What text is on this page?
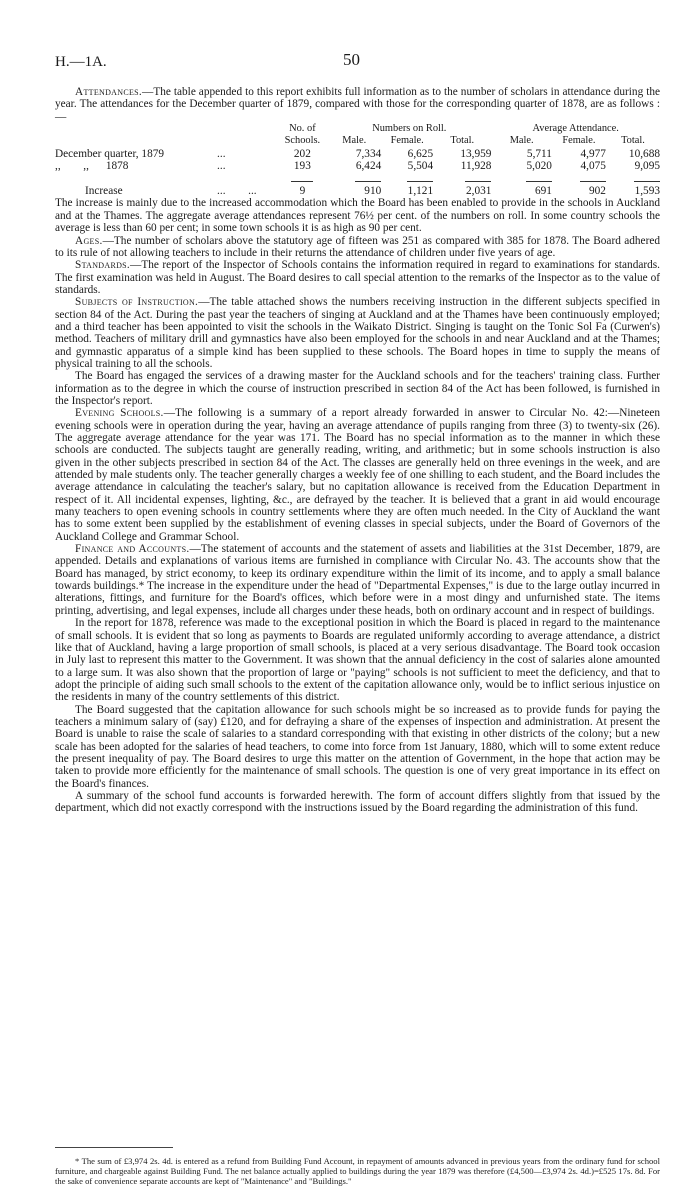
H.—1A.	50

Attendances.—The table appended to this report exhibits full information as to the number of scholars in attendance during the year. The attendances for the December quarter of 1879, compared with those for the corresponding quarter of 1878, are as follows :—

		No. of	Numbers on Roll.			Average Attendance.		
		Schools.	Male.	Female.	Total.	Male.	Female.	Total.
December quarter, 1879	...	202	7,334	6,625	13,959	5,711	4,977	10,688
,,        ,,      1878	...	193	6,424	5,504	11,928	5,020	4,075	9,095

Increase	...        ...	9	910	1,121	2,031	691	902	1,593

The increase is mainly due to the increased accommodation which the Board has been enabled to provide in the schools in Auckland and at the Thames. The aggregate average attendances represent 76½ per cent. of the numbers on roll. In some country schools the average is less than 60 per cent; in some town schools it is as high as 90 per cent.

Ages.—The number of scholars above the statutory age of fifteen was 251 as compared with 385 for 1878. The Board adhered to its rule of not allowing teachers to include in their returns the attendance of children under five years of age.

Standards.—The report of the Inspector of Schools contains the information required in regard to examinations for standards. The first examination was held in August. The Board desires to call special attention to the remarks of the Inspector as to the value of standards.

Subjects of Instruction.—The table attached shows the numbers receiving instruction in the different subjects specified in section 84 of the Act. During the past year the teachers of singing at Auckland and at the Thames have been continuously employed; and a third teacher has been appointed to visit the schools in the Waikato District. Singing is taught on the Tonic Sol Fa (Curwen's) method. Teachers of military drill and gymnastics have also been employed for the schools in and near Auckland and at the Thames; and gymnastic apparatus of a simple kind has been supplied to these schools. The Board hopes in time to supply the means of physical training to all the schools.

The Board has engaged the services of a drawing master for the Auckland schools and for the teachers' training class. Further information as to the degree in which the course of instruction prescribed in section 84 of the Act has been followed, is furnished in the Inspector's report.

Evening Schools.—The following is a summary of a report already forwarded in answer to Circular No. 42:—Nineteen evening schools were in operation during the year, having an average attendance of pupils ranging from three (3) to twenty-six (26). The aggregate average attendance for the year was 171. The Board has no special information as to the manner in which these schools are conducted. The subjects taught are generally reading, writing, and arithmetic; but in some schools instruction is also given in the other subjects prescribed in section 84 of the Act. The classes are generally held on three evenings in the week, and are attended by male students only. The teacher generally charges a weekly fee of one shilling to each student, and the Board includes the average attendance in calculating the teacher's salary, but no capitation allowance is received from the Education Department in respect of it. All incidental expenses, lighting, &c., are defrayed by the teacher. It is believed that a grant in aid would encourage many teachers to open evening schools in country settlements where they are often much needed. In the City of Auckland the want has to some extent been supplied by the establishment of evening classes in special subjects, under the Board of Governors of the Auckland College and Grammar School.

Finance and Accounts.—The statement of accounts and the statement of assets and liabilities at the 31st December, 1879, are appended. Details and explanations of various items are furnished in compliance with Circular No. 43. The accounts show that the Board has managed, by strict economy, to keep its ordinary expenditure within the limit of its income, and to apply a small balance towards buildings.* The increase in the expenditure under the head of "Departmental Expenses," is due to the large outlay incurred in alterations, fittings, and furniture for the Board's offices, which before were in a most dingy and unfurnished state. The items printing, advertising, and legal expenses, include all charges under these heads, both on ordinary account and in respect of buildings.

In the report for 1878, reference was made to the exceptional position in which the Board is placed in regard to the maintenance of small schools. It is evident that so long as payments to Boards are regulated uniformly according to average attendance, a district like that of Auckland, having a large proportion of small schools, is placed at a very serious disadvantage. The Board took occasion in July last to represent this matter to the Government. It was shown that the annual deficiency in the cost of salaries alone amounted to a large sum. It was also shown that the proportion of large or "paying" schools is not sufficient to meet the deficiency, and that to adopt the principle of aiding such small schools to the extent of the capitation allowance only, would be to inflict serious injustice on the residents in many of the country settlements of this district.

The Board suggested that the capitation allowance for such schools might be so increased as to provide funds for paying the teachers a minimum salary of (say) £120, and for defraying a share of the expenses of inspection and administration. At present the Board is unable to raise the scale of salaries to a standard corresponding with that existing in other districts of the colony; but a new scale has been adopted for the salaries of head teachers, to come into force from 1st January, 1880, which will to some extent reduce the present inequality of pay. The Board desires to urge this matter on the attention of Government, in the hope that action may be taken to provide more efficiently for the maintenance of small schools. The question is one of very great importance in its effect on the Board's finances.

A summary of the school fund accounts is forwarded herewith. The form of account differs slightly from that issued by the department, which did not exactly correspond with the instructions issued by the Board regarding the administration of this fund.

* The sum of £3,974 2s. 4d. is entered as a refund from Building Fund Account, in repayment of amounts advanced in previous years from the ordinary fund for school furniture, and chargeable against Building Fund. The net balance actually applied to buildings during the year 1879 was therefore (£4,500—£3,974 2s. 4d.)=£525 17s. 8d. For the sake of convenience separate accounts are kept of "Maintenance" and "Buildings."
